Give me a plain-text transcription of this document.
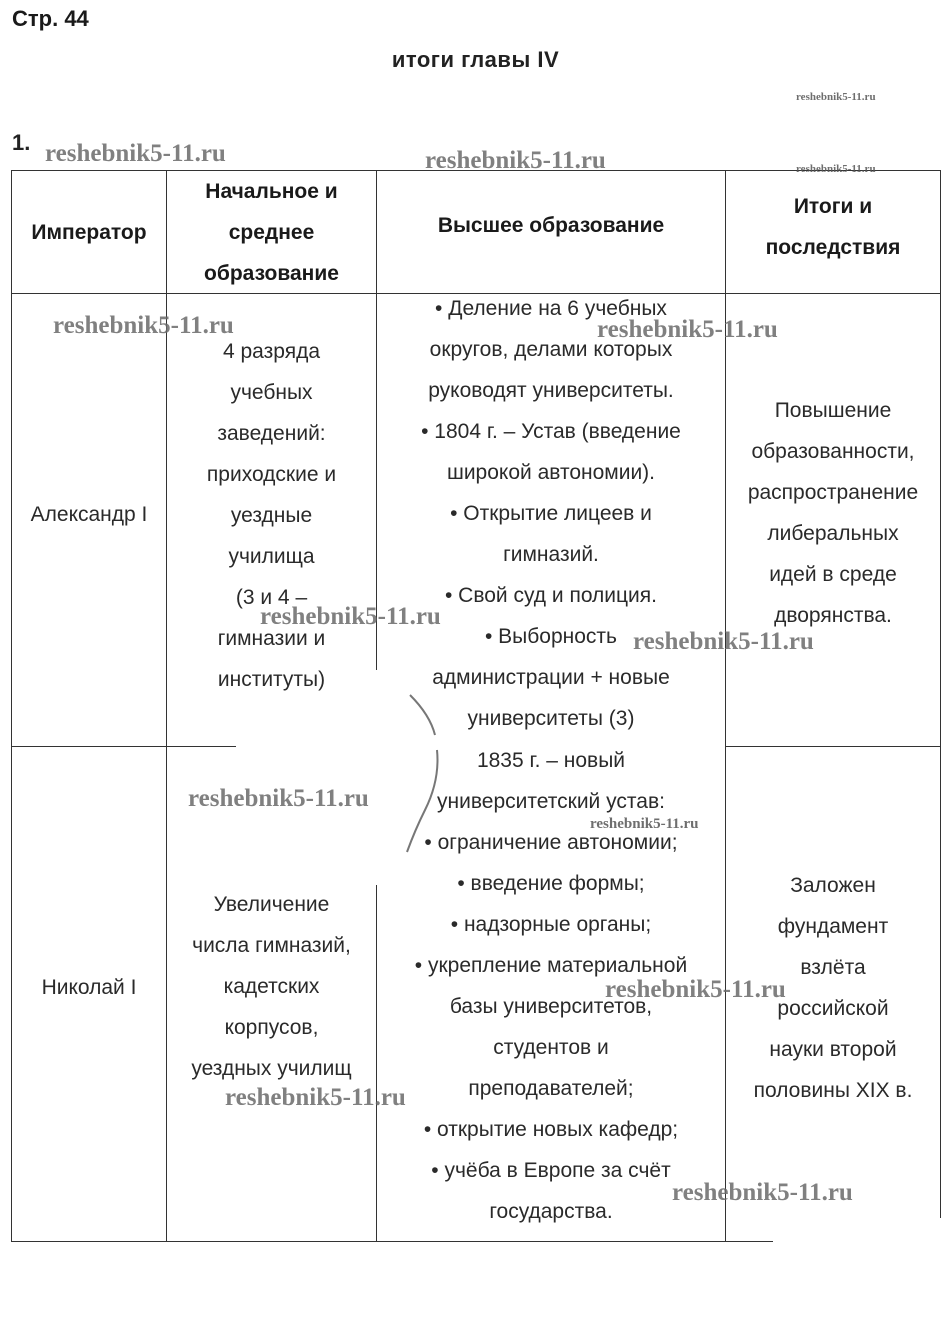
Стр. 44
итоги главы IV
1.
Император
Начальное и
среднее
образование
Высшее образование
Итоги и
последствия
Александр I
4 разряда
учебных
заведений:
приходские и
уездные
училища
(3 и 4 –
гимназии и
институты)
• Деление на 6 учебных
округов, делами которых
руководят университеты.
• 1804 г. – Устав (введение
широкой автономии).
• Открытие лицеев и
гимназий.
• Свой суд и полиция.
• Выборность
администрации + новые
университеты (3)
Повышение
образованности,
распространение
либеральных
идей в среде
дворянства.
Николай I
Увеличение
числа гимназий,
кадетских
корпусов,
уездных училищ
1835 г. – новый
университетский устав:
• ограничение автономии;
• введение формы;
• надзорные органы;
• укрепление материальной
базы университетов,
студентов и
преподавателей;
• открытие новых кафедр;
• учёба в Европе за счёт
государства.
Заложен
фундамент
взлёта
российской
науки второй
половины XIX в.
reshebnik5-11.ru
reshebnik5-11.ru
reshebnik5-11.ru	reshebnik5-11.ru
reshebnik5-11.ru	reshebnik5-11.ru
reshebnik5-11.ru
reshebnik5-11.ru
reshebnik5-11.ru
reshebnik5-11.ru
reshebnik5-11.ru
reshebnik5-11.ru
reshebnik5-11.ru
